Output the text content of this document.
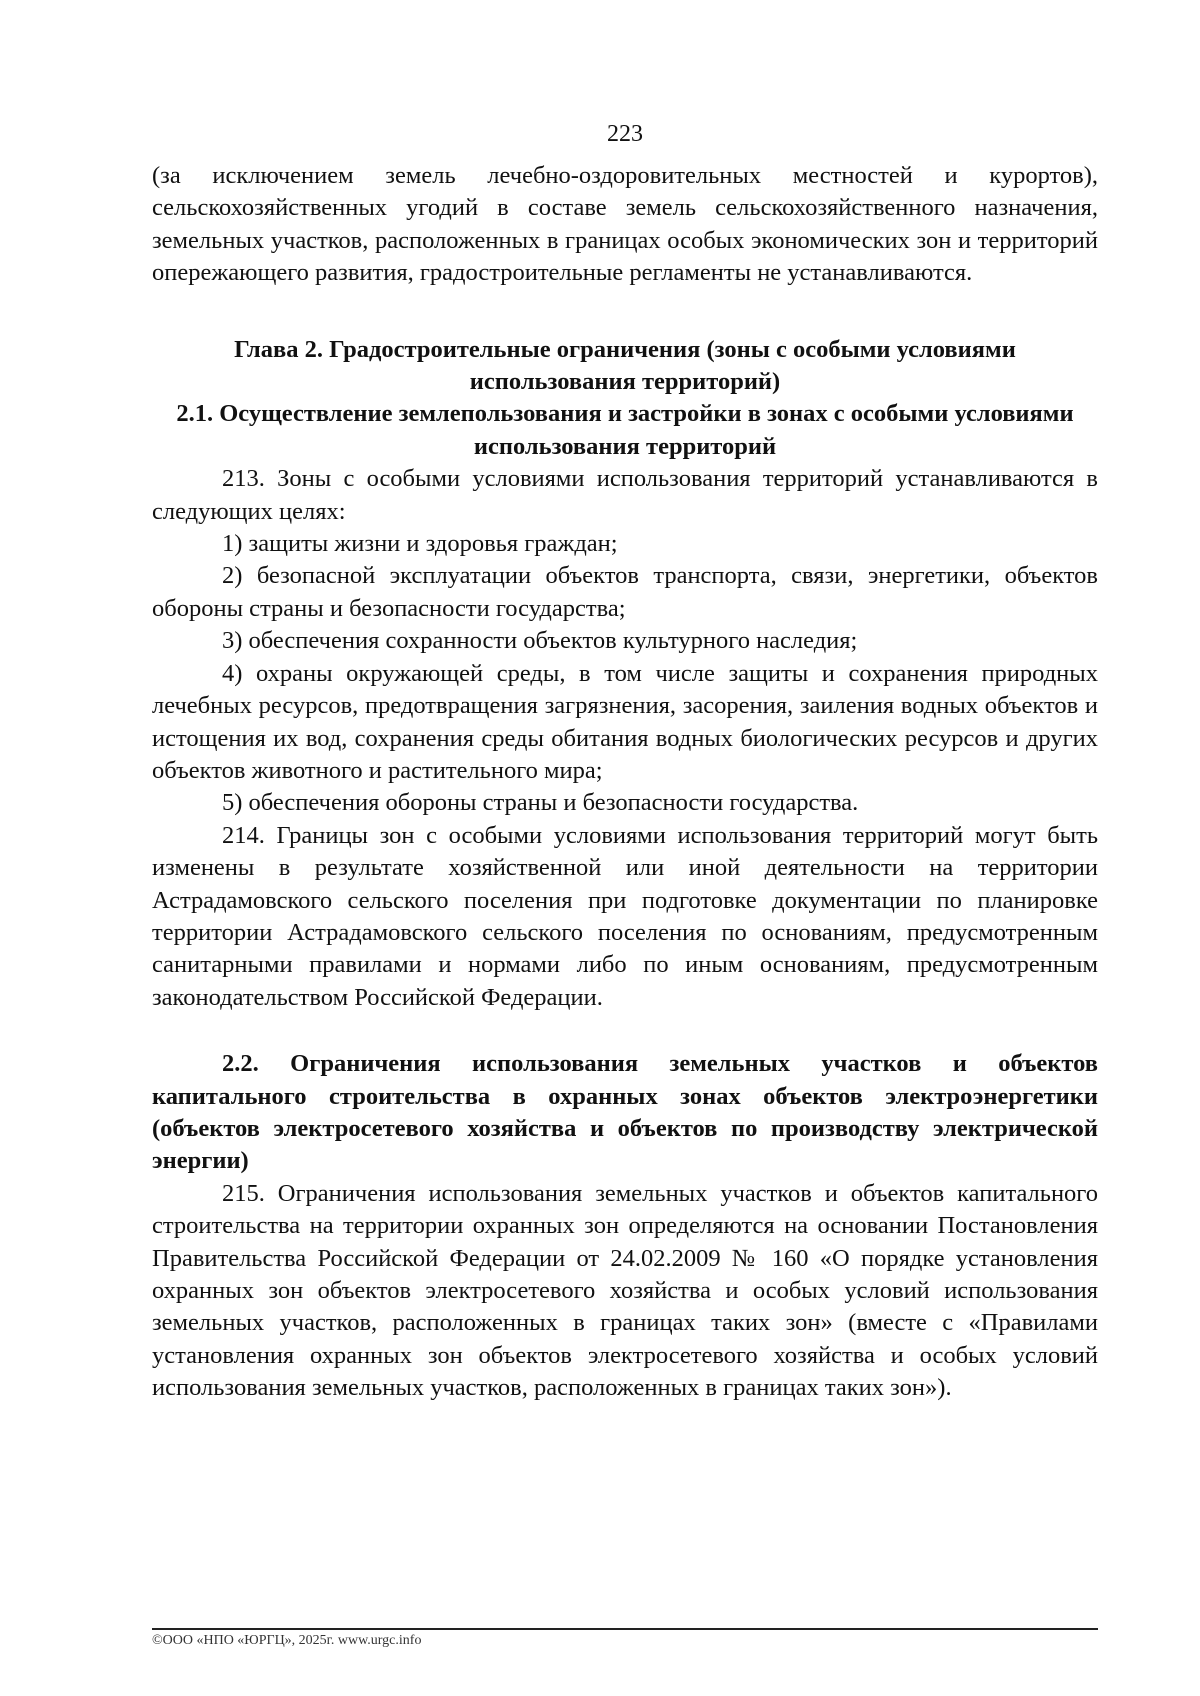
223

(за исключением земель лечебно-оздоровительных местностей и курортов), сельскохозяйственных угодий в составе земель сельскохозяйственного назначения, земельных участков, расположенных в границах особых экономических зон и территорий опережающего развития, градостроительные регламенты не устанавливаются.

Глава 2. Градостроительные ограничения (зоны с особыми условиями использования территорий)

2.1. Осуществление землепользования и застройки в зонах с особыми условиями использования территорий

213. Зоны с особыми условиями использования территорий устанавливаются в следующих целях:

1) защиты жизни и здоровья граждан;

2) безопасной эксплуатации объектов транспорта, связи, энергетики, объектов обороны страны и безопасности государства;

3) обеспечения сохранности объектов культурного наследия;

4) охраны окружающей среды, в том числе защиты и сохранения природных лечебных ресурсов, предотвращения загрязнения, засорения, заиления водных объектов и истощения их вод, сохранения среды обитания водных биологических ресурсов и других объектов животного и растительного мира;

5) обеспечения обороны страны и безопасности государства.

214. Границы зон с особыми условиями использования территорий могут быть изменены в результате хозяйственной или иной деятельности на территории Астрадамовского сельского поселения при подготовке документации по планировке территории Астрадамовского сельского поселения по основаниям, предусмотренным санитарными правилами и нормами либо по иным основаниям, предусмотренным законодательством Российской Федерации.

2.2. Ограничения использования земельных участков и объектов капитального строительства в охранных зонах объектов электроэнергетики (объектов электросетевого хозяйства и объектов по производству электрической энергии)

215. Ограничения использования земельных участков и объектов капитального строительства на территории охранных зон определяются на основании Постановления Правительства Российской Федерации от 24.02.2009 № 160 «О порядке установления охранных зон объектов электросетевого хозяйства и особых условий использования земельных участков, расположенных в границах таких зон» (вместе с «Правилами установления охранных зон объектов электросетевого хозяйства и особых условий использования земельных участков, расположенных в границах таких зон»).

©ООО «НПО «ЮРГЦ», 2025г. www.urgc.info
